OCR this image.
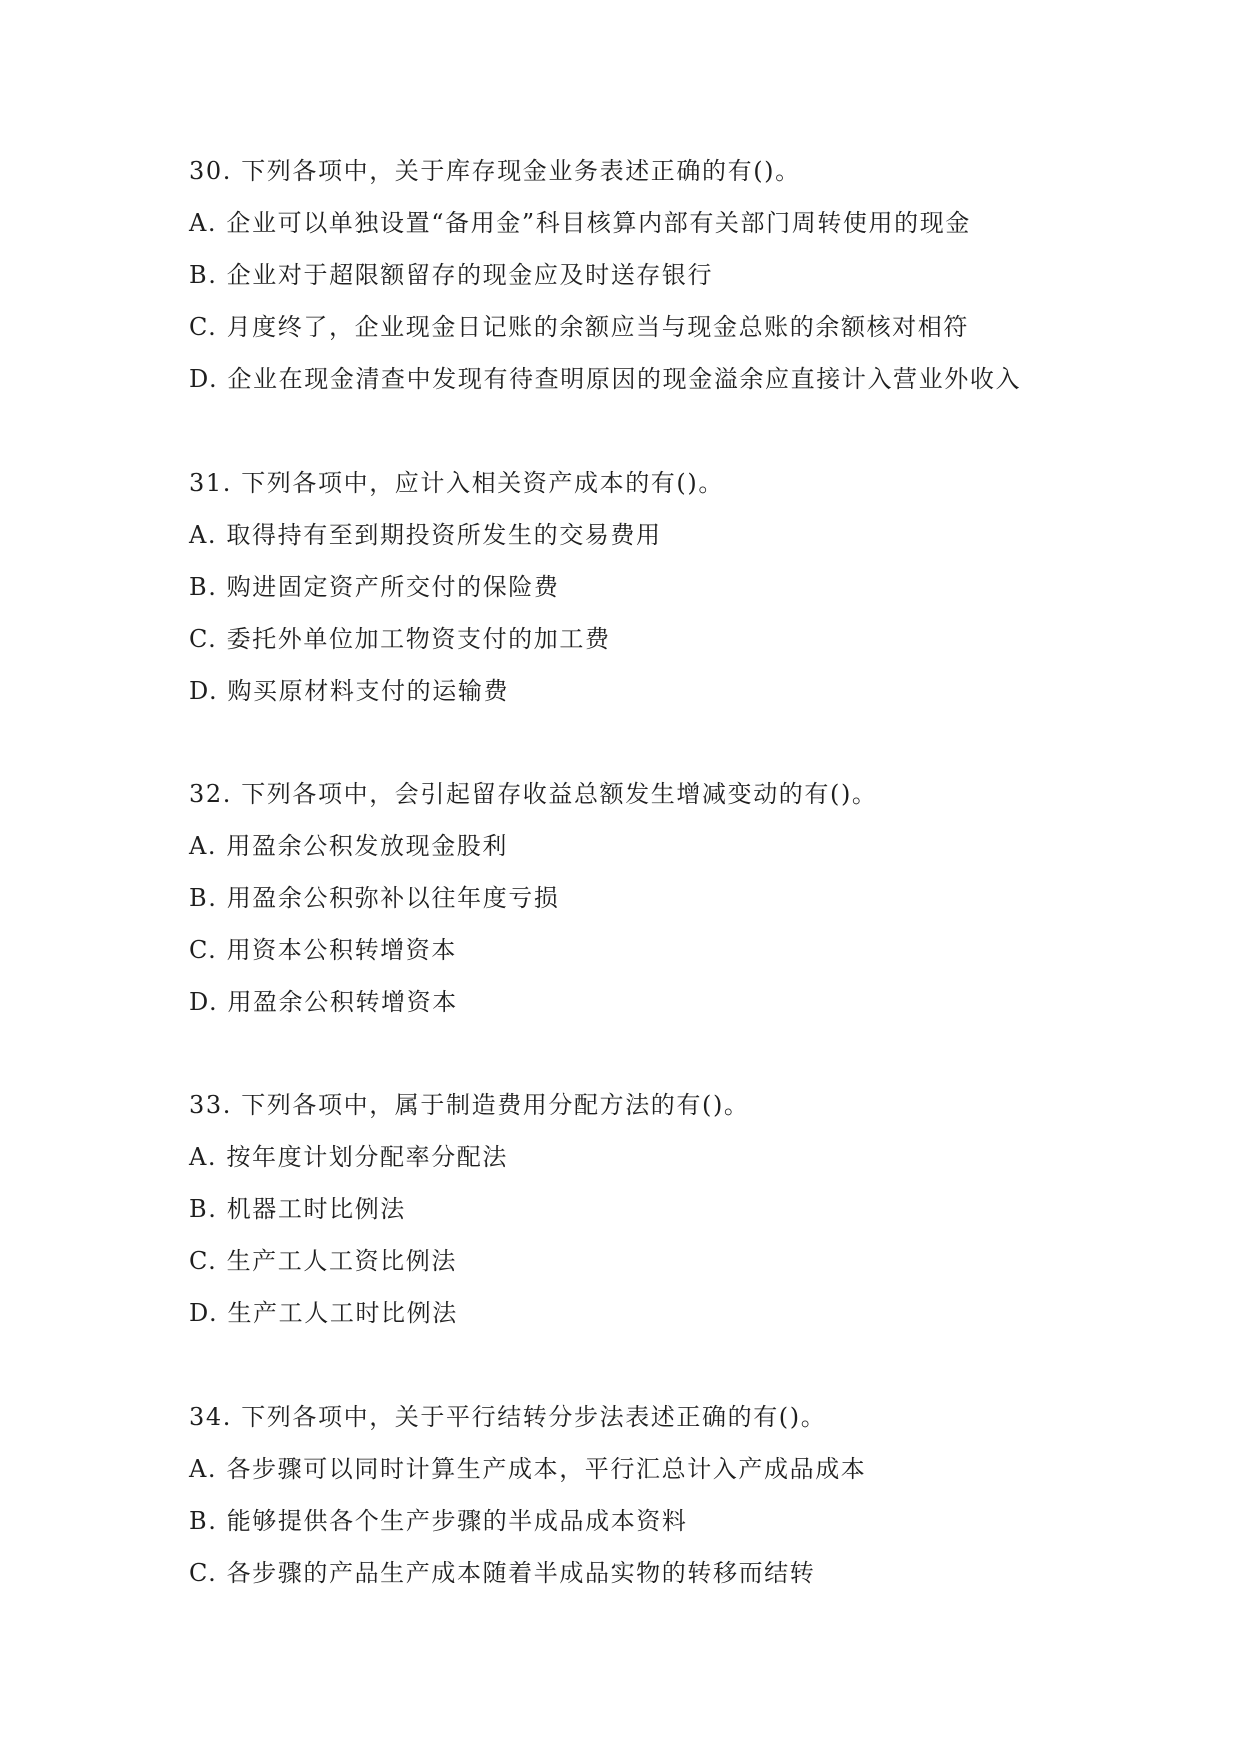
30. 下列各项中，关于库存现金业务表述正确的有()。

A. 企业可以单独设置“备用金”科目核算内部有关部门周转使用的现金

B. 企业对于超限额留存的现金应及时送存银行

C. 月度终了，企业现金日记账的余额应当与现金总账的余额核对相符

D. 企业在现金清查中发现有待查明原因的现金溢余应直接计入营业外收入

31. 下列各项中，应计入相关资产成本的有()。

A. 取得持有至到期投资所发生的交易费用

B. 购进固定资产所交付的保险费

C. 委托外单位加工物资支付的加工费

D. 购买原材料支付的运输费

32. 下列各项中，会引起留存收益总额发生增减变动的有()。

A. 用盈余公积发放现金股利

B. 用盈余公积弥补以往年度亏损

C. 用资本公积转增资本

D. 用盈余公积转增资本

33. 下列各项中，属于制造费用分配方法的有()。

A. 按年度计划分配率分配法

B. 机器工时比例法

C. 生产工人工资比例法

D. 生产工人工时比例法

34. 下列各项中，关于平行结转分步法表述正确的有()。

A. 各步骤可以同时计算生产成本，平行汇总计入产成品成本

B. 能够提供各个生产步骤的半成品成本资料

C. 各步骤的产品生产成本随着半成品实物的转移而结转
